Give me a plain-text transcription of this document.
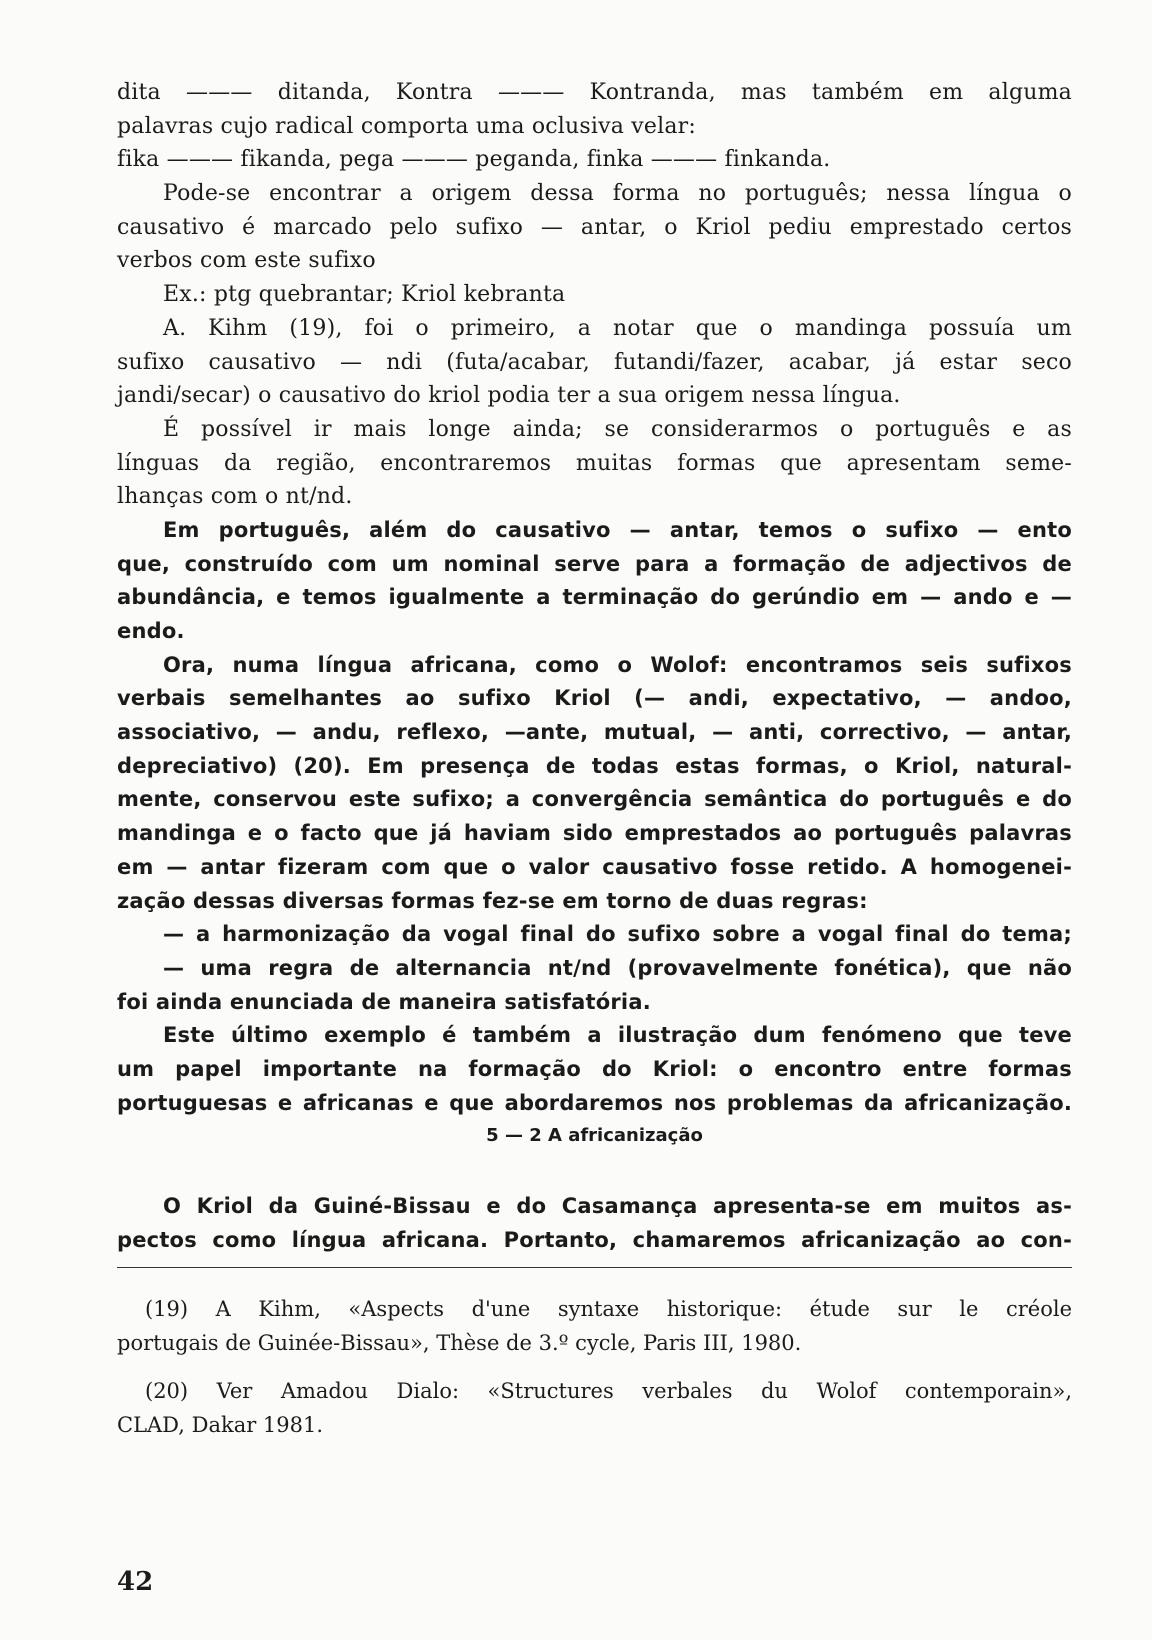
dita ——— ditanda, Kontra ——— Kontranda, mas também em alguma
palavras cujo radical comporta uma oclusiva velar:
fika ——— fikanda, pega ——— peganda, finka ——— finkanda.
Pode-se encontrar a origem dessa forma no português; nessa língua o
causativo é marcado pelo sufixo — antar, o Kriol pediu emprestado certos
verbos com este sufixo
Ex.: ptg quebrantar; Kriol kebranta
A. Kihm (19), foi o primeiro, a notar que o mandinga possuía um
sufixo causativo — ndi (futa/acabar, futandi/fazer, acabar, já estar seco
jandi/secar) o causativo do kriol podia ter a sua origem nessa língua.
É possível ir mais longe ainda; se considerarmos o português e as
línguas da região, encontraremos muitas formas que apresentam seme-
lhanças com o nt/nd.
Em português, além do causativo — antar, temos o sufixo — ento
que, construído com um nominal serve para a formação de adjectivos de
abundância, e temos igualmente a terminação do gerúndio em — ando e —
endo.
Ora, numa língua africana, como o Wolof: encontramos seis sufixos
verbais semelhantes ao sufixo Kriol (— andi, expectativo, — andoo,
associativo, — andu, reflexo, —ante, mutual, — anti, correctivo, — antar,
depreciativo) (20). Em presença de todas estas formas, o Kriol, natural-
mente, conservou este sufixo; a convergência semântica do português e do
mandinga e o facto que já haviam sido emprestados ao português palavras
em — antar fizeram com que o valor causativo fosse retido. A homogenei-
zação dessas diversas formas fez-se em torno de duas regras:
— a harmonização da vogal final do sufixo sobre a vogal final do tema;
— uma regra de alternancia nt/nd (provavelmente fonética), que não
foi ainda enunciada de maneira satisfatória.
Este último exemplo é também a ilustração dum fenómeno que teve
um papel importante na formação do Kriol: o encontro entre formas
portuguesas e africanas e que abordaremos nos problemas da africanização.
5 — 2 A africanização
O Kriol da Guiné-Bissau e do Casamança apresenta-se em muitos as-
pectos como língua africana. Portanto, chamaremos africanização ao con-
(19) A Kihm, «Aspects d'une syntaxe historique: étude sur le créole
portugais de Guinée-Bissau», Thèse de 3.º cycle, Paris III, 1980.
(20) Ver Amadou Dialo: «Structures verbales du Wolof contemporain»,
CLAD, Dakar 1981.
42
